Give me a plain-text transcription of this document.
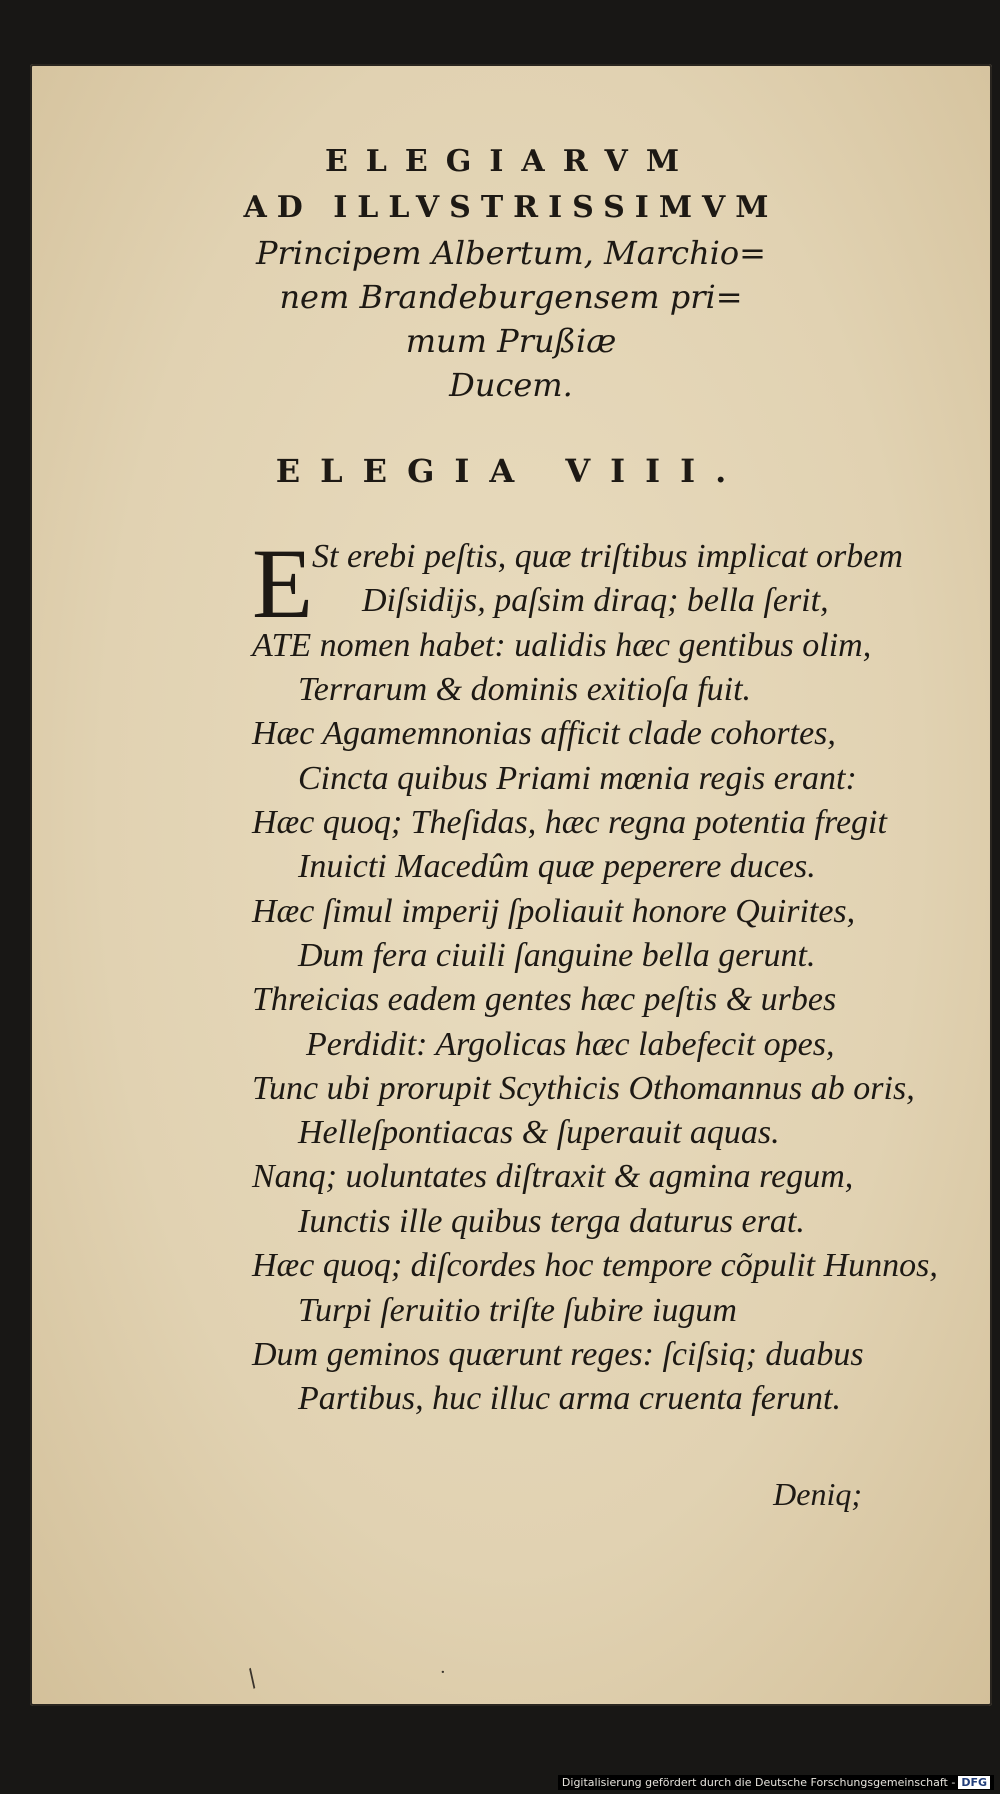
ELEGIARVM
AD ILLVSTRISSIMVM
Principem Albertum, Marchio=
nem Brandeburgensem pri=
mum Prußiæ
Ducem.
ELEGIA VIII.
E
St erebi peſtis, quæ triſtibus implicat orbem
Diſsidijs, paſsim diraq; bella ſerit,
ATE nomen habet: ualidis hæc gentibus olim,
Terrarum & dominis exitioſa fuit.
Hæc Agamemnonias afficit clade cohortes,
Cincta quibus Priami mœnia regis erant:
Hæc quoq; Theſidas, hæc regna potentia fregit
Inuicti Macedûm quæ peperere duces.
Hæc ſimul imperij ſpoliauit honore Quirites,
Dum fera ciuili ſanguine bella gerunt.
Threicias eadem gentes hæc peſtis & urbes
Perdidit: Argolicas hæc labefecit opes,
Tunc ubi prorupit Scythicis Othomannus ab oris,
Helleſpontiacas & ſuperauit aquas.
Nanq; uoluntates diſtraxit & agmina regum,
Iunctis ille quibus terga daturus erat.
Hæc quoq; diſcordes hoc tempore cõpulit Hunnos,
Turpi ſeruitio triſte ſubire iugum
Dum geminos quærunt reges: ſciſsiq; duabus
Partibus, huc illuc arma cruenta ferunt.
Deniq;
/	·
Digitalisierung gefördert durch die Deutsche Forschungsgemeinschaft - DFG
